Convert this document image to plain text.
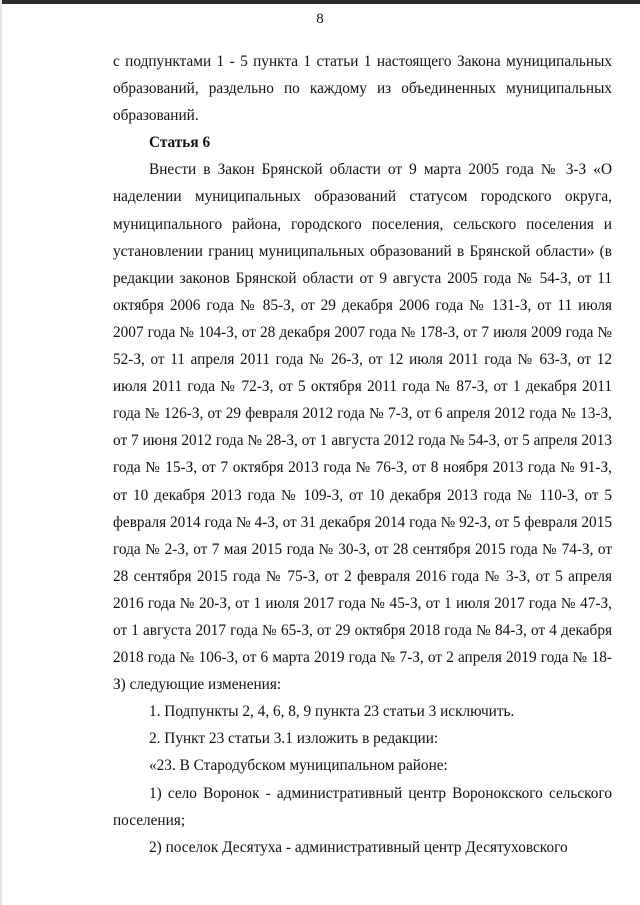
8

с подпунктами 1 - 5 пункта 1 статьи 1 настоящего Закона муниципальных образований, раздельно по каждому из объединенных муниципальных образований.

Статья 6

Внести в Закон Брянской области от 9 марта 2005 года № 3-З «О наделении муниципальных образований статусом городского округа, муниципального района, городского поселения, сельского поселения и установлении границ муниципальных образований в Брянской области» (в редакции законов Брянской области от 9 августа 2005 года № 54-З, от 11 октября 2006 года № 85-З, от 29 декабря 2006 года № 131-З, от 11 июля 2007 года № 104-З, от 28 декабря 2007 года № 178-З, от 7 июля 2009 года № 52-З, от 11 апреля 2011 года № 26-З, от 12 июля 2011 года № 63-З, от 12 июля 2011 года № 72-З, от 5 октября 2011 года № 87-З, от 1 декабря 2011 года № 126-З, от 29 февраля 2012 года № 7-З, от 6 апреля 2012 года № 13-З, от 7 июня 2012 года № 28-З, от 1 августа 2012 года № 54-З, от 5 апреля 2013 года № 15-З, от 7 октября 2013 года № 76-З, от 8 ноября 2013 года № 91-З, от 10 декабря 2013 года № 109-З, от 10 декабря 2013 года № 110-З, от 5 февраля 2014 года № 4-З, от 31 декабря 2014 года № 92-З, от 5 февраля 2015 года № 2-З, от 7 мая 2015 года № 30-З, от 28 сентября 2015 года № 74-З, от 28 сентября 2015 года № 75-З, от 2 февраля 2016 года № 3-З, от 5 апреля 2016 года № 20-З, от 1 июля 2017 года № 45-З, от 1 июля 2017 года № 47-З, от 1 августа 2017 года № 65-З, от 29 октября 2018 года № 84-З, от 4 декабря 2018 года № 106-З, от 6 марта 2019 года № 7-З, от 2 апреля 2019 года № 18-З) следующие изменения:

1. Подпункты 2, 4, 6, 8, 9 пункта 23 статьи 3 исключить.

2. Пункт 23 статьи 3.1 изложить в редакции:

«23. В Стародубском муниципальном районе:

1) село Воронок - административный центр Воронокского сельского поселения;

2) поселок Десятуха - административный центр Десятуховского
